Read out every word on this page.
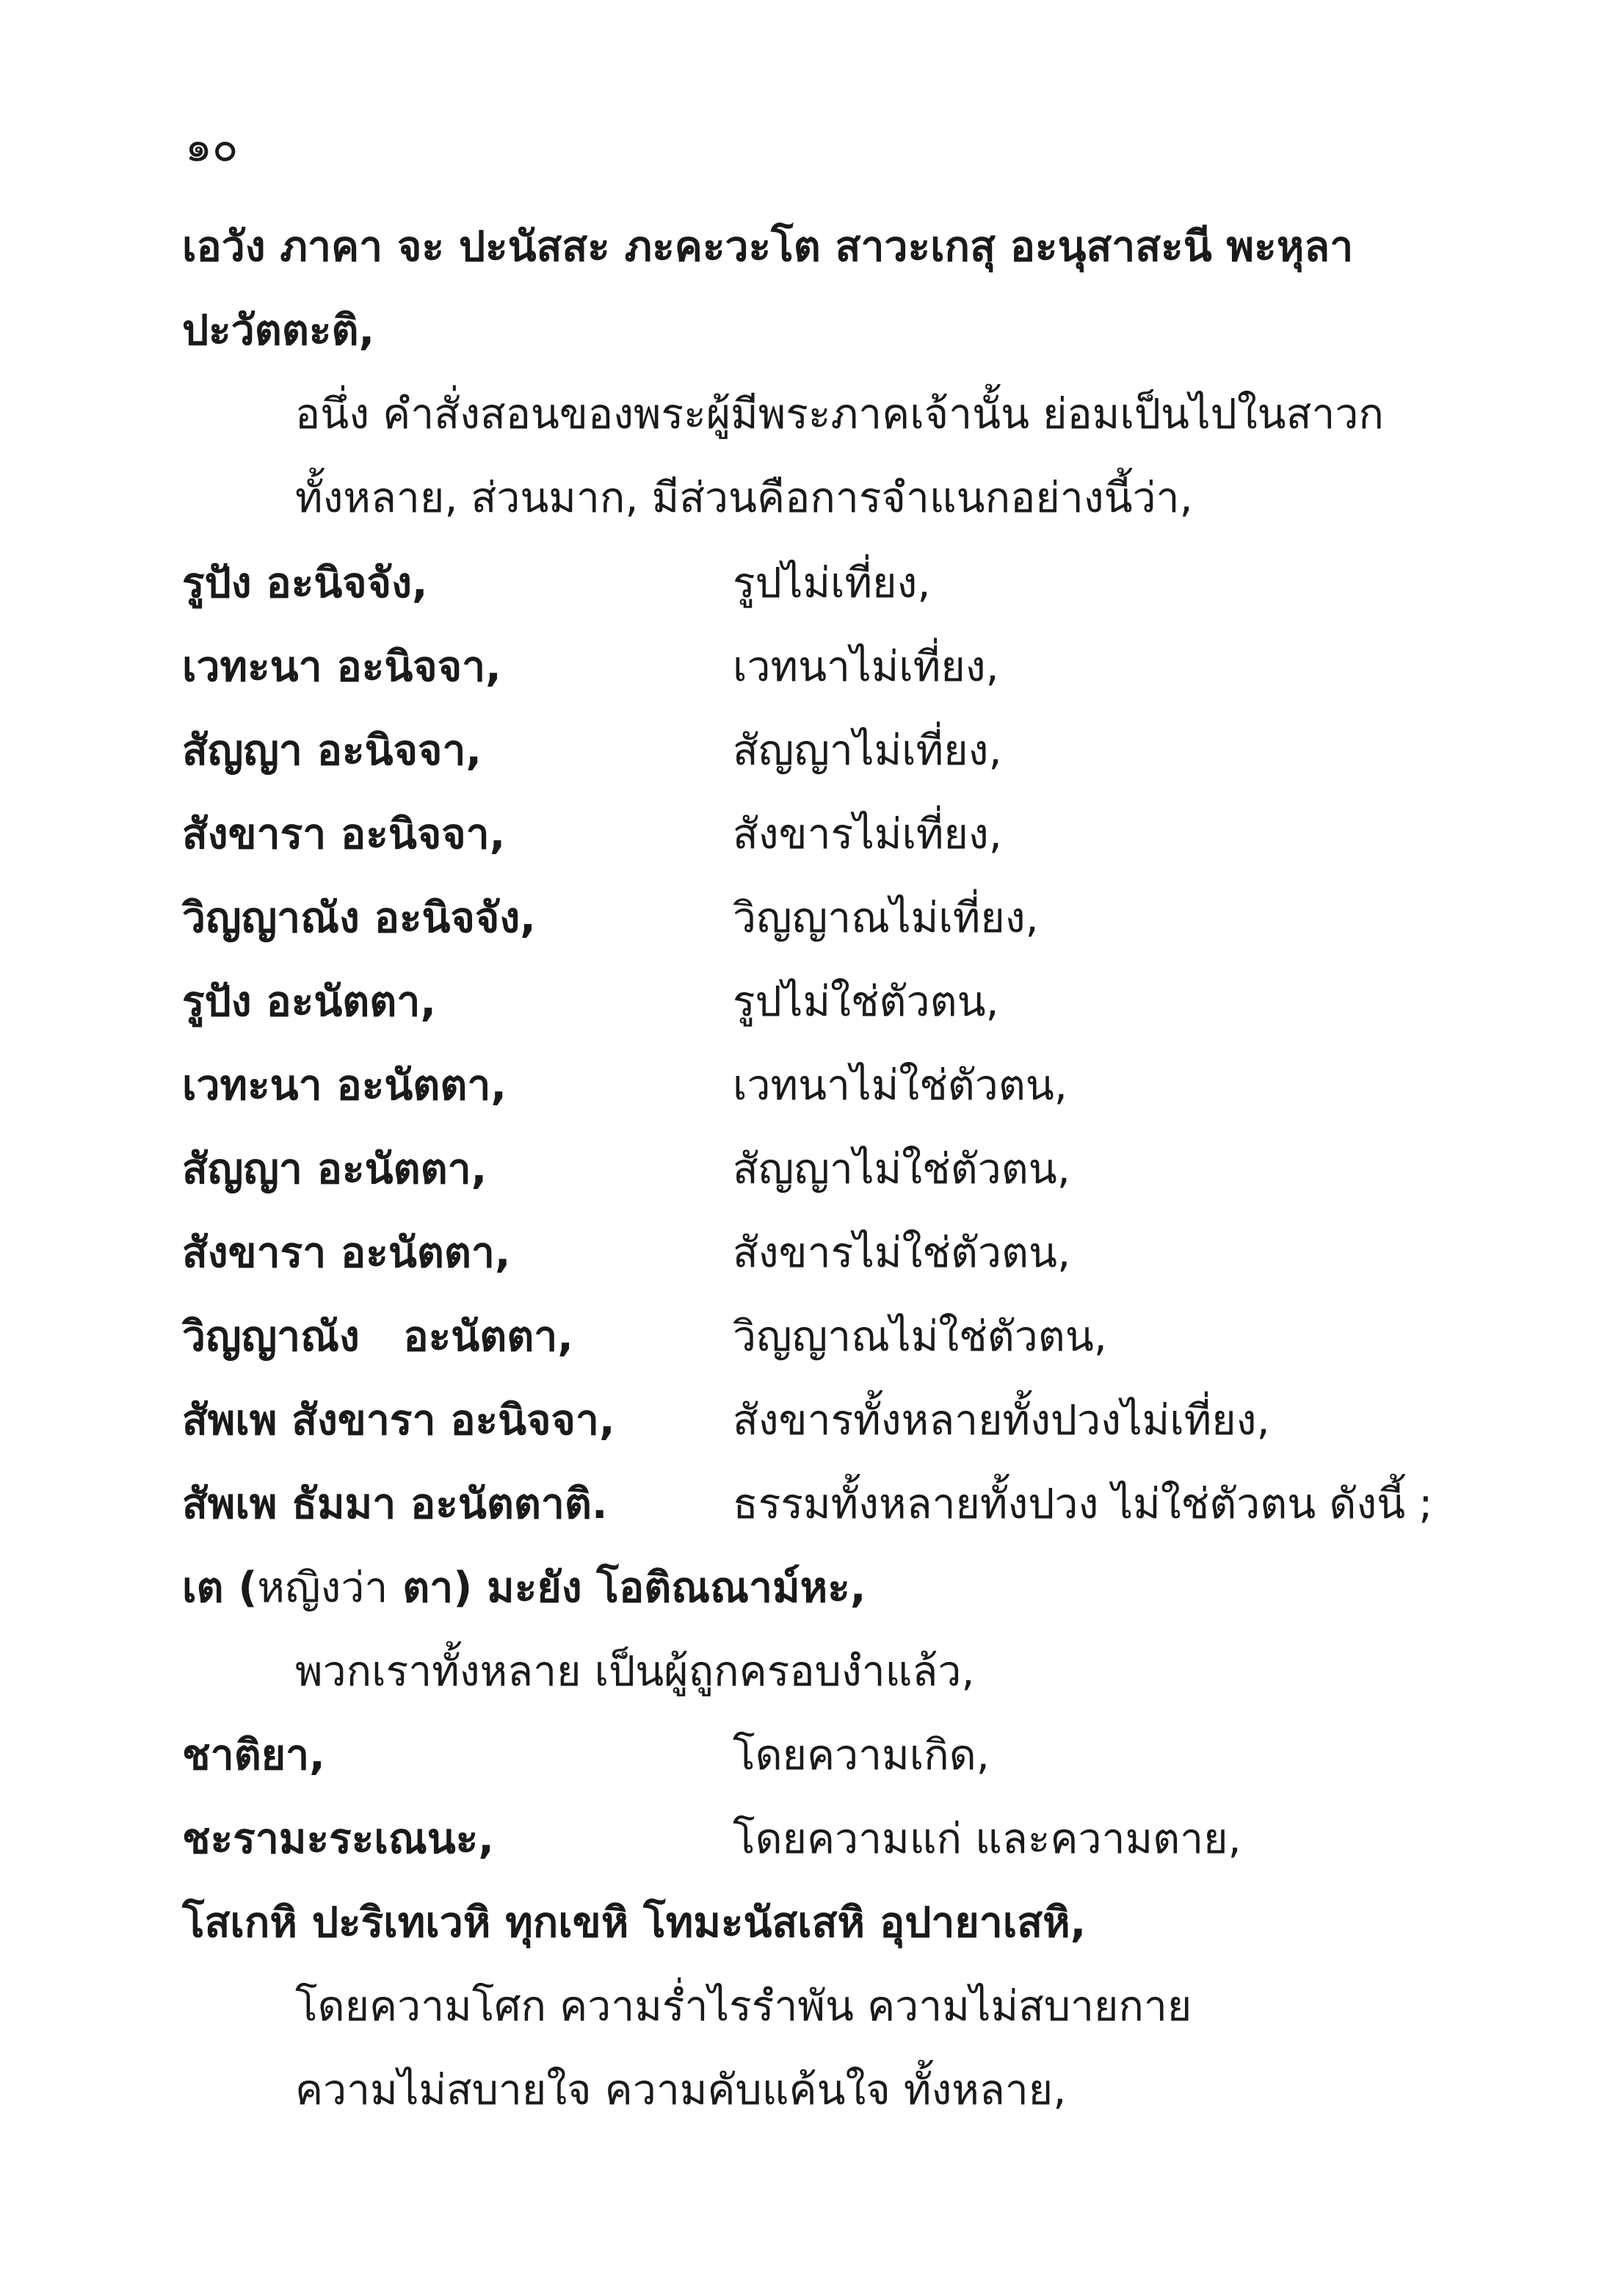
๑๐
เอวัง ภาคา จะ ปะนัสสะ ภะคะวะโต สาวะเกสุ อะนุสาสะนี พะหุลา
ปะวัตตะติ,
อนึ่ง คำสั่งสอนของพระผู้มีพระภาคเจ้านั้น ย่อมเป็นไปในสาวก
ทั้งหลาย, ส่วนมาก, มีส่วนคือการจำแนกอย่างนี้ว่า,
รูปัง อะนิจจัง,	รูปไม่เที่ยง,
เวทะนา อะนิจจา,	เวทนาไม่เที่ยง,
สัญญา อะนิจจา,	สัญญาไม่เที่ยง,
สังขารา อะนิจจา,	สังขารไม่เที่ยง,
วิญญาณัง อะนิจจัง,	วิญญาณไม่เที่ยง,
รูปัง อะนัตตา,	รูปไม่ใช่ตัวตน,
เวทะนา อะนัตตา,	เวทนาไม่ใช่ตัวตน,
สัญญา อะนัตตา,	สัญญาไม่ใช่ตัวตน,
สังขารา อะนัตตา,	สังขารไม่ใช่ตัวตน,
วิญญาณัง   อะนัตตา,	วิญญาณไม่ใช่ตัวตน,
สัพเพ สังขารา อะนิจจา,	สังขารทั้งหลายทั้งปวงไม่เที่ยง,
สัพเพ ธัมมา อะนัตตาติ.	ธรรมทั้งหลายทั้งปวง ไม่ใช่ตัวตน ดังนี้ ;
เต (หญิงว่า ตา) มะยัง โอติณณาม์หะ,
พวกเราทั้งหลาย เป็นผู้ถูกครอบงำแล้ว,
ชาติยา,	โดยความเกิด,
ชะรามะระเณนะ,	โดยความแก่ และความตาย,
โสเกหิ ปะริเทเวหิ ทุกเขหิ โทมะนัสเสหิ อุปายาเสหิ,
โดยความโศก ความร่ำไรรำพัน ความไม่สบายกาย
ความไม่สบายใจ ความคับแค้นใจ ทั้งหลาย,
